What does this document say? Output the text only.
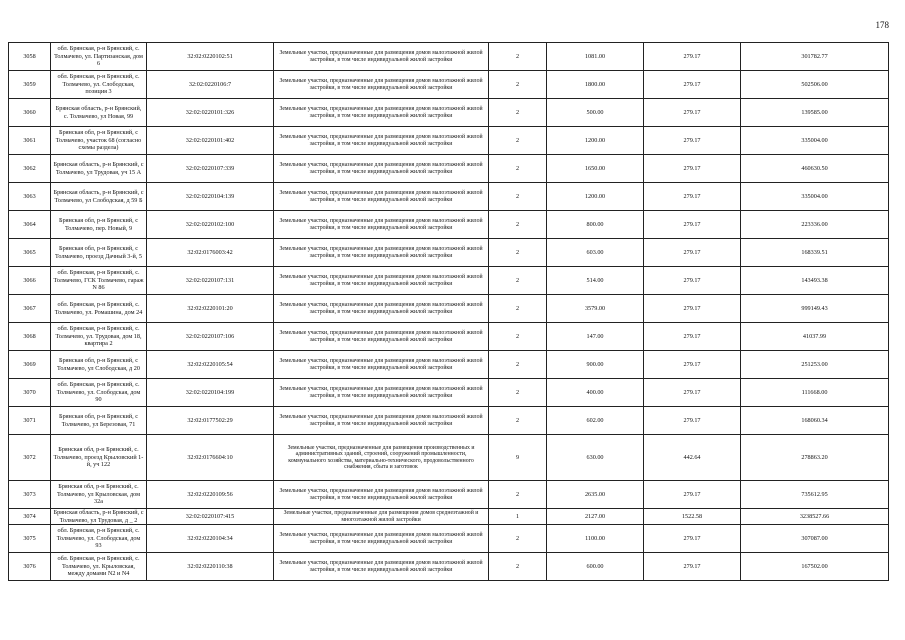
178
3058	обл. Брянская, р-н Брянский, с. Толмачево, ул. Партизанская, дом 6	32:02:0220102:51	Земельные участки, предназначенные для размещения домов малоэтажной жилой застройки, в том числе индивидуальной жилой застройки	2	1081.00	279.17	301782.77
3059	обл. Брянская, р-н Брянский, с. Толмачево, ул. Слободская, позиция 3	32:02:0220106:7	Земельные участки, предназначенные для размещения домов малоэтажной жилой застройки, в том числе индивидуальной жилой застройки	2	1800.00	279.17	502506.00
3060	Брянская область, р-н Брянский, с. Толмачево, ул Новая, 99	32:02:0220101:326	Земельные участки, предназначенные для размещения домов малоэтажной жилой застройки, в том числе индивидуальной жилой застройки	2	500.00	279.17	139585.00
3061	Брянская обл, р-н Брянский, с Толмачево, участок 68 (согласно схемы раздела)	32:02:0220101:402	Земельные участки, предназначенные для размещения домов малоэтажной жилой застройки, в том числе индивидуальной жилой застройки	2	1200.00	279.17	335004.00
3062	Брянская область, р-н Брянский, с Толмачево, ул Трудовая, уч 15 А	32:02:0220107:339	Земельные участки, предназначенные для размещения домов малоэтажной жилой застройки, в том числе индивидуальной жилой застройки	2	1650.00	279.17	460630.50
3063	Брянская область, р-н Брянский, с Толмачево, ул Слободская, д 59 Б	32:02:0220104:139	Земельные участки, предназначенные для размещения домов малоэтажной жилой застройки, в том числе индивидуальной жилой застройки	2	1200.00	279.17	335004.00
3064	Брянская обл, р-н Брянский, с Толмачево, пер. Новый, 9	32:02:0220102:100	Земельные участки, предназначенные для размещения домов малоэтажной жилой застройки, в том числе индивидуальной жилой застройки	2	800.00	279.17	223336.00
3065	Брянская обл, р-н Брянский, с Толмачево, проезд Дачный 3-й, 5	32:02:0176003:42	Земельные участки, предназначенные для размещения домов малоэтажной жилой застройки, в том числе индивидуальной жилой застройки	2	603.00	279.17	168339.51
3066	обл. Брянская, р-н Брянский, с. Толмачево, ГСК Толмачево, гараж N 86	32:02:0220107:131	Земельные участки, предназначенные для размещения домов малоэтажной жилой застройки, в том числе индивидуальной жилой застройки	2	514.00	279.17	143493.38
3067	обл. Брянская, р-н Брянский, с. Толмачево, ул. Ромашина, дом 24	32:02:0220101:20	Земельные участки, предназначенные для размещения домов малоэтажной жилой застройки, в том числе индивидуальной жилой застройки	2	3579.00	279.17	999149.43
3068	обл. Брянская, р-н Брянский, с. Толмачево, ул. Трудовая, дом 18, квартира 2	32:02:0220107:106	Земельные участки, предназначенные для размещения домов малоэтажной жилой застройки, в том числе индивидуальной жилой застройки	2	147.00	279.17	41037.99
3069	Брянская обл, р-н Брянский, с Толмачево, ул Слободская, д 20	32:02:0220105:54	Земельные участки, предназначенные для размещения домов малоэтажной жилой застройки, в том числе индивидуальной жилой застройки	2	900.00	279.17	251253.00
3070	обл. Брянская, р-н Брянский, с. Толмачево, ул. Слободская, дом 90	32:02:0220104:199	Земельные участки, предназначенные для размещения домов малоэтажной жилой застройки, в том числе индивидуальной жилой застройки	2	400.00	279.17	111668.00
3071	Брянская обл, р-н Брянский, с Толмачево, ул Березовая, 71	32:02:0177502:29	Земельные участки, предназначенные для размещения домов малоэтажной жилой застройки, в том числе индивидуальной жилой застройки	2	602.00	279.17	168060.34
3072	Брянская обл, р-н Брянский, с. Толмачево, проезд Крыловский 1-й, уч 122	32:02:0176604:10	Земельные участки, предназначенные для размещения производственных и административных зданий, строений, сооружений промышленности, коммунального хозяйства, материально-технического, продовольственного снабжения, сбыта и заготовок	9	630.00	442.64	278863.20
3073	Брянская обл, р-н Брянский, с. Толмачево, ул Крыловская, дом 32а	32:02:0220109:56	Земельные участки, предназначенные для размещения домов малоэтажной жилой застройки, в том числе индивидуальной жилой застройки	2	2635.00	279.17	735612.95
3074	Брянская область, р-н Брянский, с Толмачево, ул Трудовая, д _ 2	32:02:0220107:415	Земельные участки, предназначенные для размещения домов среднеэтажной и многоэтажной жилой застройки	1	2127.00	1522.58	3238527.66
3075	обл. Брянская, р-н Брянский, с. Толмачево, ул. Слободская, дом 93	32:02:0220104:34	Земельные участки, предназначенные для размещения домов малоэтажной жилой застройки, в том числе индивидуальной жилой застройки	2	1100.00	279.17	307087.00
3076	обл. Брянская, р-н Брянский, с. Толмачево, ул. Крыловская, между домами N2 и N4	32:02:0220110:38	Земельные участки, предназначенные для размещения домов малоэтажной жилой застройки, в том числе индивидуальной жилой застройки	2	600.00	279.17	167502.00
